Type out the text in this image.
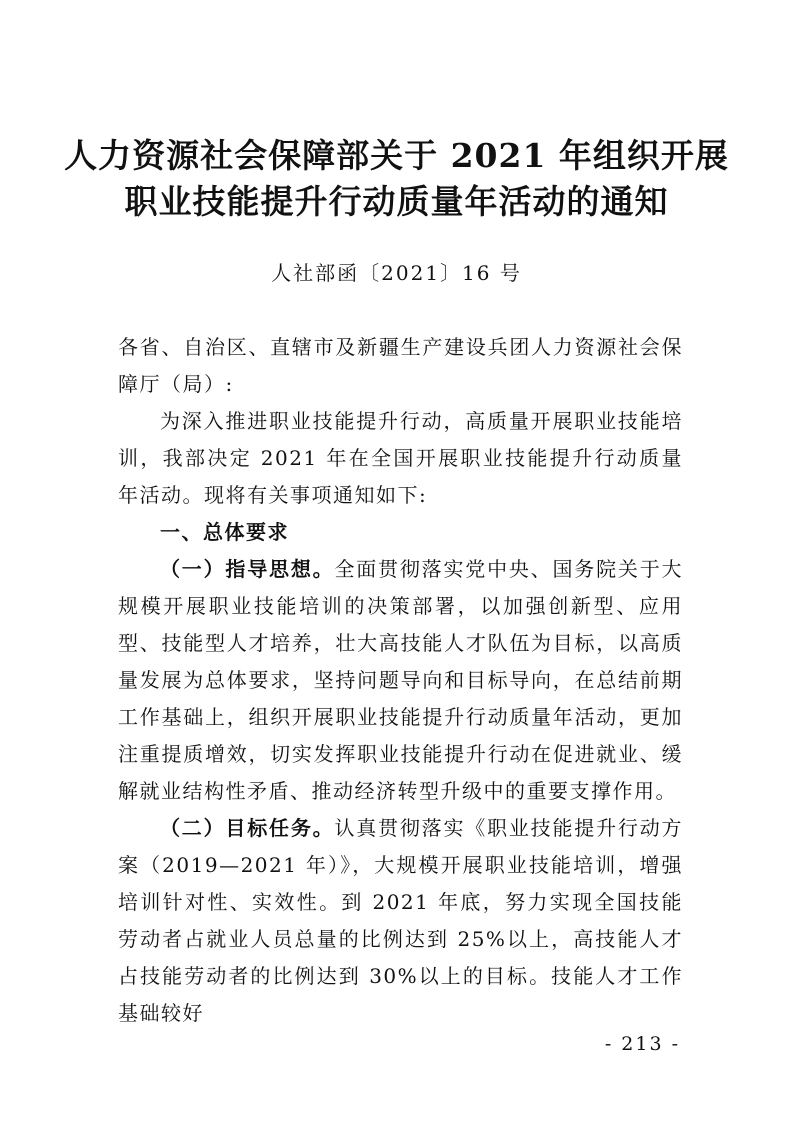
人力资源社会保障部关于 2021 年组织开展
职业技能提升行动质量年活动的通知
人社部函〔2021〕16 号

各省、自治区、直辖市及新疆生产建设兵团人力资源社会保障厅（局）:

为深入推进职业技能提升行动，高质量开展职业技能培训，我部决定 2021 年在全国开展职业技能提升行动质量年活动。现将有关事项通知如下:

一、总体要求

（一）指导思想。全面贯彻落实党中央、国务院关于大规模开展职业技能培训的决策部署，以加强创新型、应用型、技能型人才培养，壮大高技能人才队伍为目标，以高质量发展为总体要求，坚持问题导向和目标导向，在总结前期工作基础上，组织开展职业技能提升行动质量年活动，更加注重提质增效，切实发挥职业技能提升行动在促进就业、缓解就业结构性矛盾、推动经济转型升级中的重要支撑作用。

（二）目标任务。认真贯彻落实《职业技能提升行动方案（2019—2021 年）》，大规模开展职业技能培训，增强培训针对性、实效性。到 2021 年底，努力实现全国技能劳动者占就业人员总量的比例达到 25%以上，高技能人才占技能劳动者的比例达到 30%以上的目标。技能人才工作基础较好

- 213 -
